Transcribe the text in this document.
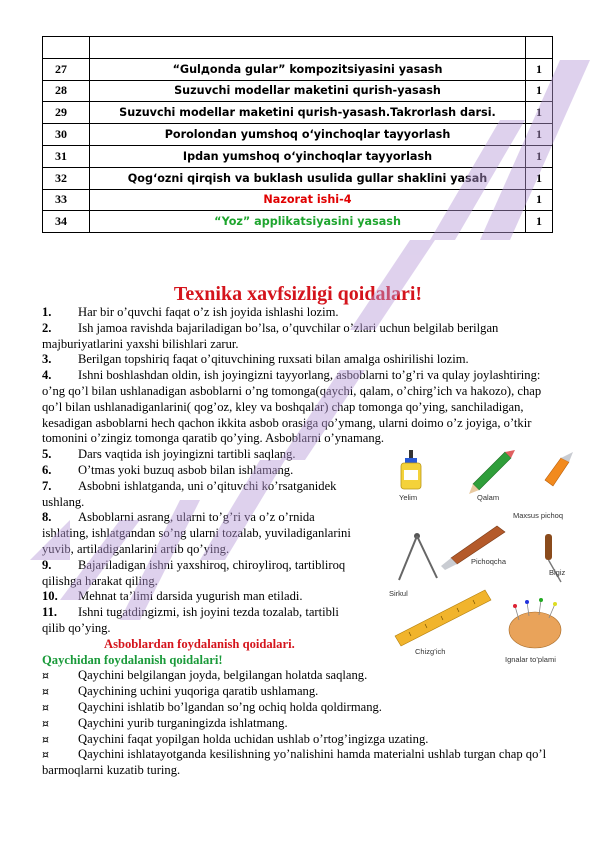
27	“Gulдonda gular” kompozitsiyasini yasash	1
28	Suzuvchi modellar maketini qurish-yasash	1
29	Suzuvchi modellar maketini qurish-yasash.Takrorlash darsi.	1
30	Porolondan yumshoq o‘yinchoqlar tayyorlash	1
31	Ipdan yumshoq o‘yinchoqlar tayyorlash	1
32	Qog‘ozni qirqish va buklash usulida gullar shaklini yasah	1
33	Nazorat ishi-4	1
34	“Yoz” applikatsiyasini yasash	1
Texnika xavfsizligi qoidalari!

1. Har bir o’quvchi faqat o’z ish joyida ishlashi lozim.

2. Ish jamoa ravishda bajariladigan bo’lsa, o’quvchilar o’zlari uchun belgilab berilgan majburiyatlarini yaxshi bilishlari zarur.

3. Berilgan topshiriq faqat o’qituvchining ruxsati bilan amalga oshirilishi lozim.

4. Ishni boshlashdan oldin, ish joyingizni tayyorlang, asboblarni to’g’ri va qulay joylashtiring: o’ng qo’l bilan ushlanadigan asboblarni o’ng tomonga(qaychi, qalam, o’chirg’ich va hakozo), chap qo’l bilan ushlanadiganlarini( qog’oz, kley va boshqalar) chap tomonga qo’ying, sanchiladigan, kesadigan asboblarni hech qachon ikkita asbob orasiga qo’ymang, ularni doimo o’z joyiga, o’tkir tomonini o’zingiz tomonga qaratib qo’ying. Asboblarni o’ynamang.

5. Dars vaqtida ish joyingizni tartibli saqlang.

6. O’tmas yoki buzuq asbob bilan ishlamang.

7. Asbobni ishlatganda, uni o’qituvchi ko’rsatganidek ushlang.

8. Asboblarni asrang, ularni to’g’ri va o’z o’rnida ishlating, ishlatgandan so’ng ularni tozalab, yuviladiganlarini yuvib, artiladiganlarini artib qo’ying.

9. Bajariladigan ishni yaxshiroq, chiroyliroq, tartibliroq qilishga harakat qiling.

10. Mehnat ta’limi darsida yugurish man etiladi.

11. Ishni tugatdingizmi, ish joyini tezda tozalab, tartibli qilib qo’ying.

Asboblardan foydalanish qoidalari.

Qaychidan foydalanish qoidalari!

¤ Qaychini belgilangan joyda, belgilangan holatda saqlang.

¤ Qaychining uchini yuqoriga qaratib ushlamang.

¤ Qaychini ishlatib bo’lgandan so’ng ochiq holda qoldirmang.

¤ Qaychini yurib turganingizda ishlatmang.

¤ Qaychini faqat yopilgan holda uchidan ushlab o’rtog’ingizga uzating.

¤ Qaychini ishlatayotganda kesilishning yo’nalishini hamda materialni ushlab turgan chap qo’l barmoqlarni kuzatib turing.

Yelim	Qalam
Maxsus pichoq
Pichoqcha
Bigiz
Sirkul
Chizg’ich
Ignalar to’plami
